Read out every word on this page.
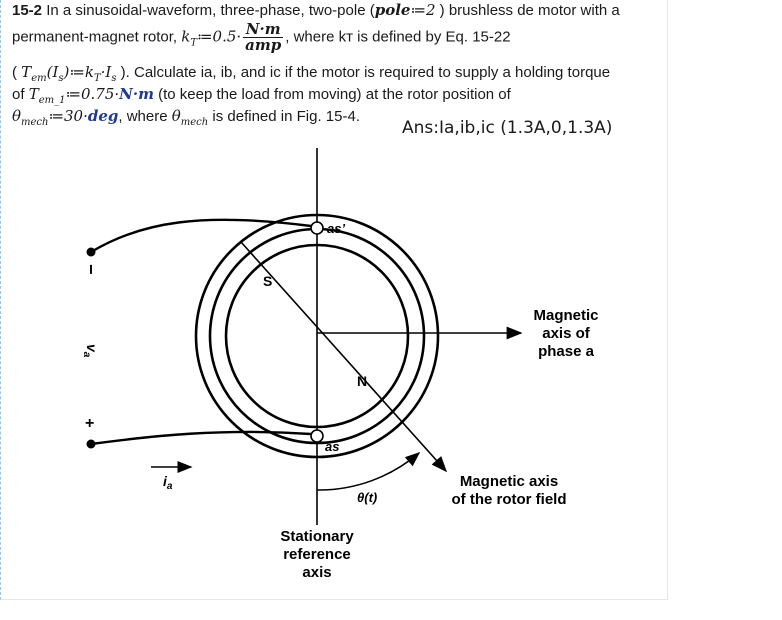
15-2 In a sinusoidal-waveform, three-phase, two-pole (pole≔2 ) brushless de motor with a
permanent-magnet rotor, $k_T≔0.5\cdot \frac{N\cdot m}{\text{amp}}$ , where kт is defined by Eq. 15-22
( $T_{em}(I_s)≔k_T\cdot I_s$ ). Calculate ia, ib, and ic if the motor is required to supply a holding torque
of $T_{em\_1}≔0.75\cdot N\cdot m$ (to keep the load from moving) at the rotor position of
$\theta_{mech}≔30\cdot deg$, where $\theta_{mech}$ is defined in Fig. 15-4.
Ans:Ia,ib,ic (1.3A,0,1.3A)
as’
as
S
N
−
+
$v_a$
$i_a$
θ(t)
Magnetic
axis of
phase a
Magnetic axis
of the rotor field
Stationary
reference
axis
